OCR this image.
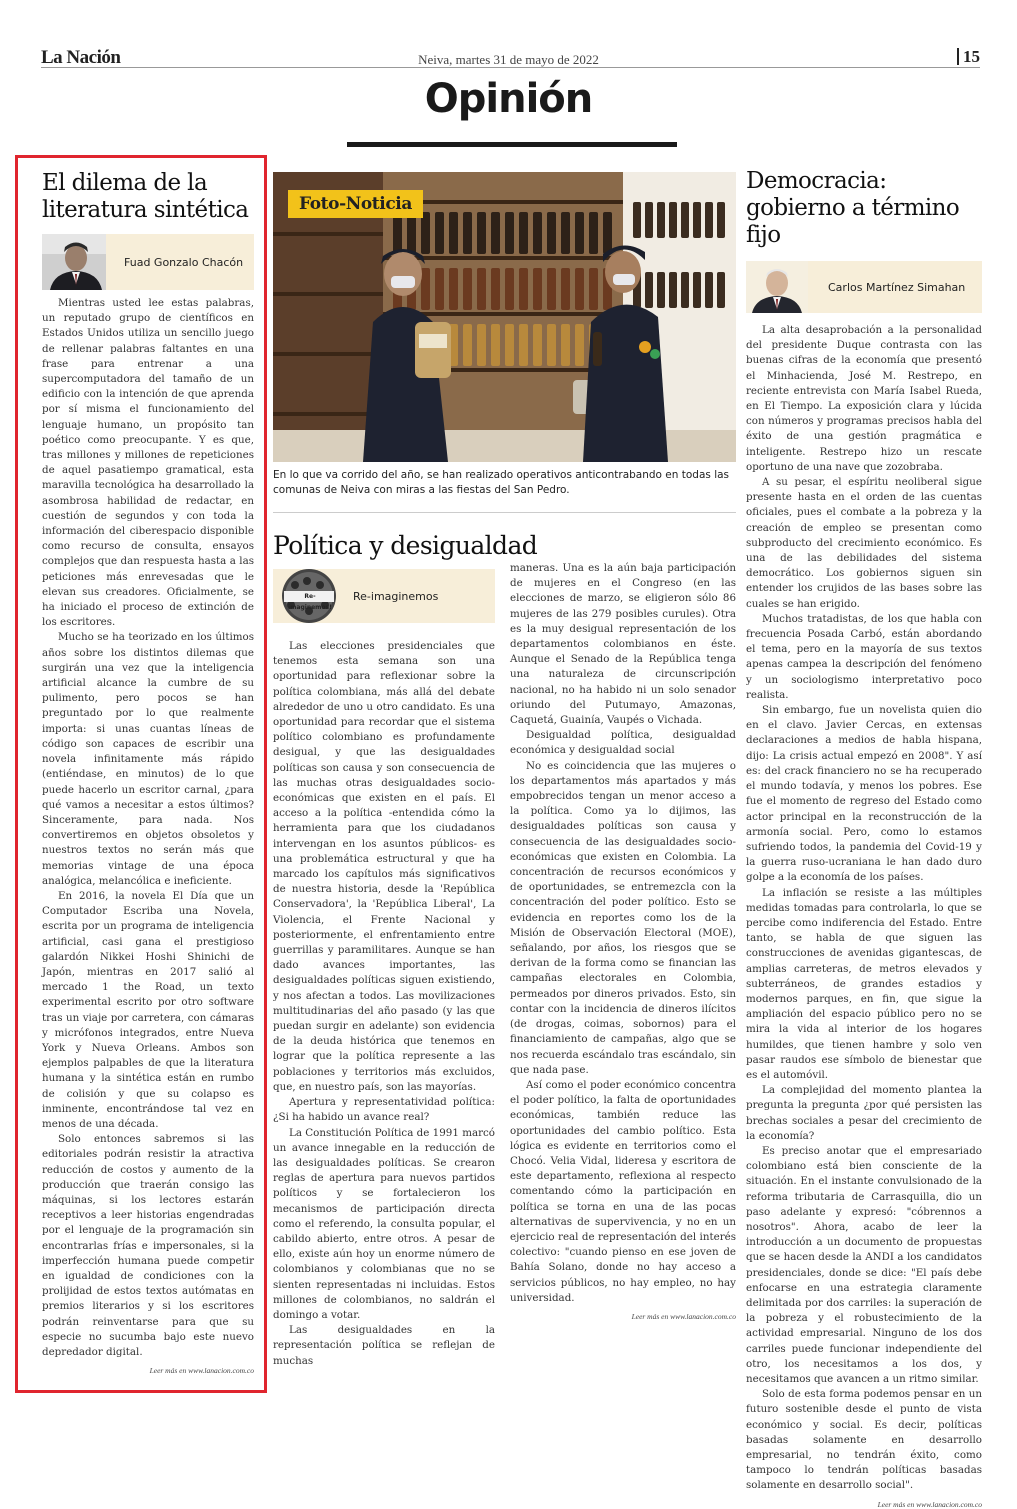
La Nación	Neiva, martes 31 de mayo de 2022	15
Opinión
El dilema de la literatura sintética
Fuad Gonzalo Chacón

Mientras usted lee estas palabras, un reputado grupo de científicos en Estados Unidos utiliza un sencillo juego de rellenar palabras faltantes en una frase para entrenar a una supercomputadora del tamaño de un edificio con la intención de que aprenda por sí misma el funcionamiento del lenguaje humano, un propósito tan poético como preocupante. Y es que, tras millones y millones de repeticiones de aquel pasatiempo gramatical, esta maravilla tecnológica ha desarrollado la asombrosa habilidad de redactar, en cuestión de segundos y con toda la información del ciberespacio disponible como recurso de consulta, ensayos complejos que dan respuesta hasta a las peticiones más enrevesadas que le elevan sus creadores. Oficialmente, se ha iniciado el proceso de extinción de los escritores.

Mucho se ha teorizado en los últimos años sobre los distintos dilemas que surgirán una vez que la inteligencia artificial alcance la cumbre de su pulimento, pero pocos se han preguntado por lo que realmente importa: si unas cuantas líneas de código son capaces de escribir una novela infinitamente más rápido (entiéndase, en minutos) de lo que puede hacerlo un escritor carnal, ¿para qué vamos a necesitar a estos últimos? Sinceramente, para nada. Nos convertiremos en objetos obsoletos y nuestros textos no serán más que memorias vintage de una época analógica, melancólica e ineficiente.

En 2016, la novela El Día que un Computador Escriba una Novela, escrita por un programa de inteligencia artificial, casi gana el prestigioso galardón Nikkei Hoshi Shinichi de Japón, mientras en 2017 salió al mercado 1 the Road, un texto experimental escrito por otro software tras un viaje por carretera, con cámaras y micrófonos integrados, entre Nueva York y Nueva Orleans. Ambos son ejemplos palpables de que la literatura humana y la sintética están en rumbo de colisión y que su colapso es inminente, encontrándose tal vez en menos de una década.

Solo entonces sabremos si las editoriales podrán resistir la atractiva reducción de costos y aumento de la producción que traerán consigo las máquinas, si los lectores estarán receptivos a leer historias engendradas por el lenguaje de la programación sin encontrarlas frías e impersonales, si la imperfección humana puede competir en igualdad de condiciones con la prolijidad de estos textos autómatas en premios literarios y si los escritores podrán reinventarse para que su especie no sucumba bajo este nuevo depredador digital.

Leer más en www.lanacion.com.co
Foto-Noticia
En lo que va corrido del año, se han realizado operativos anticontrabando en todas las comunas de Neiva con miras a las fiestas del San Pedro.
Política y desigualdad
Re-imaginemos!
Re-imaginemos

Las elecciones presidenciales que tenemos esta semana son una oportunidad para reflexionar sobre la política colombiana, más allá del debate alrededor de uno u otro candidato. Es una oportunidad para recordar que el sistema político colombiano es profundamente desigual, y que las desigualdades políticas son causa y son consecuencia de las muchas otras desigualdades socio-económicas que existen en el país. El acceso a la política -entendida cómo la herramienta para que los ciudadanos intervengan en los asuntos públicos- es una problemática estructural y que ha marcado los capítulos más significativos de nuestra historia, desde la 'República Conservadora', la 'República Liberal', La Violencia, el Frente Nacional y posteriormente, el enfrentamiento entre guerrillas y paramilitares. Aunque se han dado avances importantes, las desigualdades políticas siguen existiendo, y nos afectan a todos. Las movilizaciones multitudinarias del año pasado (y las que puedan surgir en adelante) son evidencia de la deuda histórica que tenemos en lograr que la política represente a las poblaciones y territorios más excluidos, que, en nuestro país, son las mayorías.

Apertura y representatividad política: ¿Si ha habido un avance real?

La Constitución Política de 1991 marcó un avance innegable en la reducción de las desigualdades políticas. Se crearon reglas de apertura para nuevos partidos políticos y se fortalecieron los mecanismos de participación directa como el referendo, la consulta popular, el cabildo abierto, entre otros. A pesar de ello, existe aún hoy un enorme número de colombianos y colombianas que no se sienten representadas ni incluidas. Estos millones de colombianos, no saldrán el domingo a votar.

Las desigualdades en la representación política se reflejan de muchas

maneras. Una es la aún baja participación de mujeres en el Congreso (en las elecciones de marzo, se eligieron sólo 86 mujeres de las 279 posibles curules). Otra es la muy desigual representación de los departamentos colombianos en éste. Aunque el Senado de la República tenga una naturaleza de circunscripción nacional, no ha habido ni un solo senador oriundo del Putumayo, Amazonas, Caquetá, Guainía, Vaupés o Vichada.

Desigualdad política, desigualdad económica y desigualdad social

No es coincidencia que las mujeres o los departamentos más apartados y más empobrecidos tengan un menor acceso a la política. Como ya lo dijimos, las desigualdades políticas son causa y consecuencia de las desigualdades socio-económicas que existen en Colombia. La concentración de recursos económicos y de oportunidades, se entremezcla con la concentración del poder político. Esto se evidencia en reportes como los de la Misión de Observación Electoral (MOE), señalando, por años, los riesgos que se derivan de la forma como se financian las campañas electorales en Colombia, permeados por dineros privados. Esto, sin contar con la incidencia de dineros ilícitos (de drogas, coimas, sobornos) para el financiamiento de campañas, algo que se nos recuerda escándalo tras escándalo, sin que nada pase.

Así como el poder económico concentra el poder político, la falta de oportunidades económicas, también reduce las oportunidades del cambio político. Esta lógica es evidente en territorios como el Chocó. Velia Vidal, lideresa y escritora de este departamento, reflexiona al respecto comentando cómo la participación en política se torna en una de las pocas alternativas de supervivencia, y no en un ejercicio real de representación del interés colectivo: "cuando pienso en ese joven de Bahía Solano, donde no hay acceso a servicios públicos, no hay empleo, no hay universidad.

Leer más en www.lanacion.com.co
Democracia: gobierno a término fijo
Carlos Martínez Simahan

La alta desaprobación a la personalidad del presidente Duque contrasta con las buenas cifras de la economía que presentó el Minhacienda, José M. Restrepo, en reciente entrevista con María Isabel Rueda, en El Tiempo. La exposición clara y lúcida con números y programas precisos habla del éxito de una gestión pragmática e inteligente. Restrepo hizo un rescate oportuno de una nave que zozobraba.

A su pesar, el espíritu neoliberal sigue presente hasta en el orden de las cuentas oficiales, pues el combate a la pobreza y la creación de empleo se presentan como subproducto del crecimiento económico. Es una de las debilidades del sistema democrático. Los gobiernos siguen sin entender los crujidos de las bases sobre las cuales se han erigido.

Muchos tratadistas, de los que habla con frecuencia Posada Carbó, están abordando el tema, pero en la mayoría de sus textos apenas campea la descripción del fenómeno y un sociologismo interpretativo poco realista.

Sin embargo, fue un novelista quien dio en el clavo. Javier Cercas, en extensas declaraciones a medios de habla hispana, dijo: La crisis actual empezó en 2008". Y así es: del crack financiero no se ha recuperado el mundo todavía, y menos los pobres. Ese fue el momento de regreso del Estado como actor principal en la reconstrucción de la armonía social. Pero, como lo estamos sufriendo todos, la pandemia del Covid-19 y la guerra ruso-ucraniana le han dado duro golpe a la economía de los países.

La inflación se resiste a las múltiples medidas tomadas para controlarla, lo que se percibe como indiferencia del Estado. Entre tanto, se habla de que siguen las construcciones de avenidas gigantescas, de amplias carreteras, de metros elevados y subterráneos, de grandes estadios y modernos parques, en fin, que sigue la ampliación del espacio público pero no se mira la vida al interior de los hogares humildes, que tienen hambre y solo ven pasar raudos ese símbolo de bienestar que es el automóvil.

La complejidad del momento plantea la pregunta la pregunta ¿por qué persisten las brechas sociales a pesar del crecimiento de la economía?

Es preciso anotar que el empresariado colombiano está bien consciente de la situación. En el instante convulsionado de la reforma tributaria de Carrasquilla, dio un paso adelante y expresó: "cóbrennos a nosotros". Ahora, acabo de leer la introducción a un documento de propuestas que se hacen desde la ANDI a los candidatos presidenciales, donde se dice: "El país debe enfocarse en una estrategia claramente delimitada por dos carriles: la superación de la pobreza y el robustecimiento de la actividad empresarial. Ninguno de los dos carriles puede funcionar independiente del otro, los necesitamos a los dos, y necesitamos que avancen a un ritmo similar.

Solo de esta forma podemos pensar en un futuro sostenible desde el punto de vista económico y social. Es decir, políticas basadas solamente en desarrollo empresarial, no tendrán éxito, como tampoco lo tendrán políticas basadas solamente en desarrollo social".

Leer más en www.lanacion.com.co
